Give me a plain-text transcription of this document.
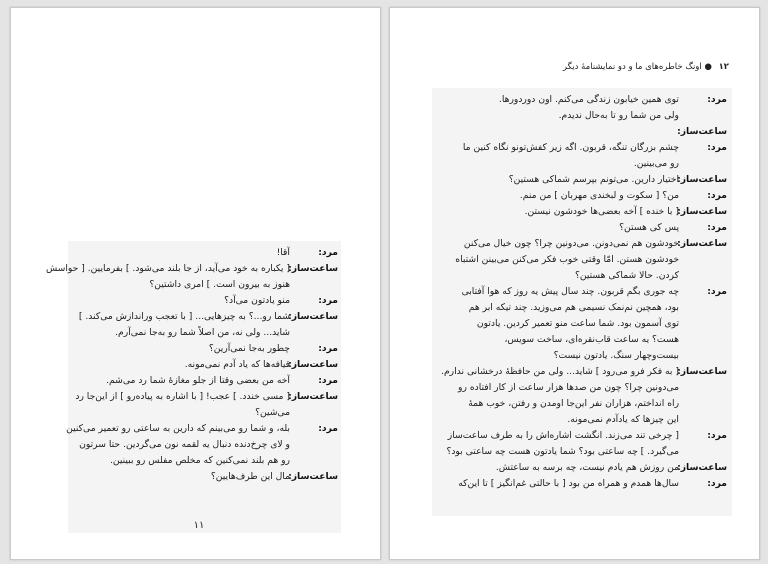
مرد:
آقا!
ساعت‌ساز:
[ یکباره به خود می‌آید، از جا بلند می‌شود. ] بفرمایین. [ حواسش
هنوز به بیرون است. ] امری داشتین؟
مرد:
منو یادتون می‌آد؟
ساعت‌ساز:
شما رو...؟ به چیزهایی... [ با تعجب ورانداز‌ش می‌کند. ]
شاید... ولی نه، من اصلاً شما رو به‌جا نمی‌آرم.
مرد:
چطور به‌جا نمی‌آرین؟
ساعت‌ساز:
قیافه‌ها که یاد آدم نمی‌مونه.
مرد:
آخه من بعضی وقتا از جلو مغازهٔ شما رد می‌شم.
ساعت‌ساز:
[ مسی خندد. ] عجب! [ با اشاره به پیاده‌رو ] از این‌جا رد
می‌شین؟
مرد:
بله، و شما رو می‌بینم که دارین به ساعتی رو تعمیر می‌کنین
و لای چرخ‌دنده دنبال یه لقمه نون می‌گردین. حتا سرتون
رو هم بلند نمی‌کنین که مخلص مفلس رو ببینین.
ساعت‌ساز:
مال این طرف‌هایین؟
۱۱
۱۲ ● اونگ خاطره‌های ما و دو نمایشنامهٔ دیگر
مرد:
توی همین خیابون زندگی می‌کنم. اون دوردورها.
ولی من شما رو تا به‌حال ندیدم.
ساعت‌ساز:
مرد:
چشم بزرگان تنگه، قربون. اگه زیر کفش‌تونو نگاه کنین ما
رو می‌بینین.
ساعت‌ساز:
اختیار دارین. می‌تونم بپرسم شماکی هستین؟
مرد:
من؟ [ سکوت و لبخندی مهربان ] من منم.
ساعت‌ساز:
[ با خنده ] آخه بعضی‌ها خودشون نیستن.
مرد:
پس کی هستن؟
ساعت‌ساز:
خودشون هم نمی‌دونن. می‌دونین چرا؟ چون خیال می‌کنن
خودشون هستن. امّا وقتی خوب فکر می‌کنن می‌بینن اشتباه
کردن. حالا شماکی هستین؟
مرد:
چه جوری بگم قربون. چند سال پیش یه روز که هوا آفتابی
بود، همچین نم‌نمک نسیمی هم می‌وزید. چند تیکه ابر هم
توی آسمون بود. شما ساعت منو تعمیر کردین. یادتون
هست؟ یه ساعت قاب‌نقره‌ای، ساخت سویس،
بیست‌وچهار سنگ. یادتون نیست؟
ساعت‌ساز:
[ به فکر فرو می‌رود ] شاید... ولی من حافظهٔ درخشانی ندارم.
می‌دونین چرا؟ چون من صدها هزار ساعت از کار افتاده رو
راه انداختم، هزاران نفر این‌جا اومدن و رفتن، خوب همهٔ
این چیزها که یادآدم نمی‌مونه.
مرد:
[ چرخی تند می‌زند. انگشت اشاره‌اش را به طرف ساعت‌ساز
می‌گیرد. ] چه ساعتی بود؟ شما یادتون هست چه ساعتی بود؟
ساعت‌ساز:
من روزش هم یادم نیست، چه برسه به ساعتش.
مرد:
سال‌ها همدم و همراه من بود [ با حالتی غم‌انگیز ] تا این‌که
